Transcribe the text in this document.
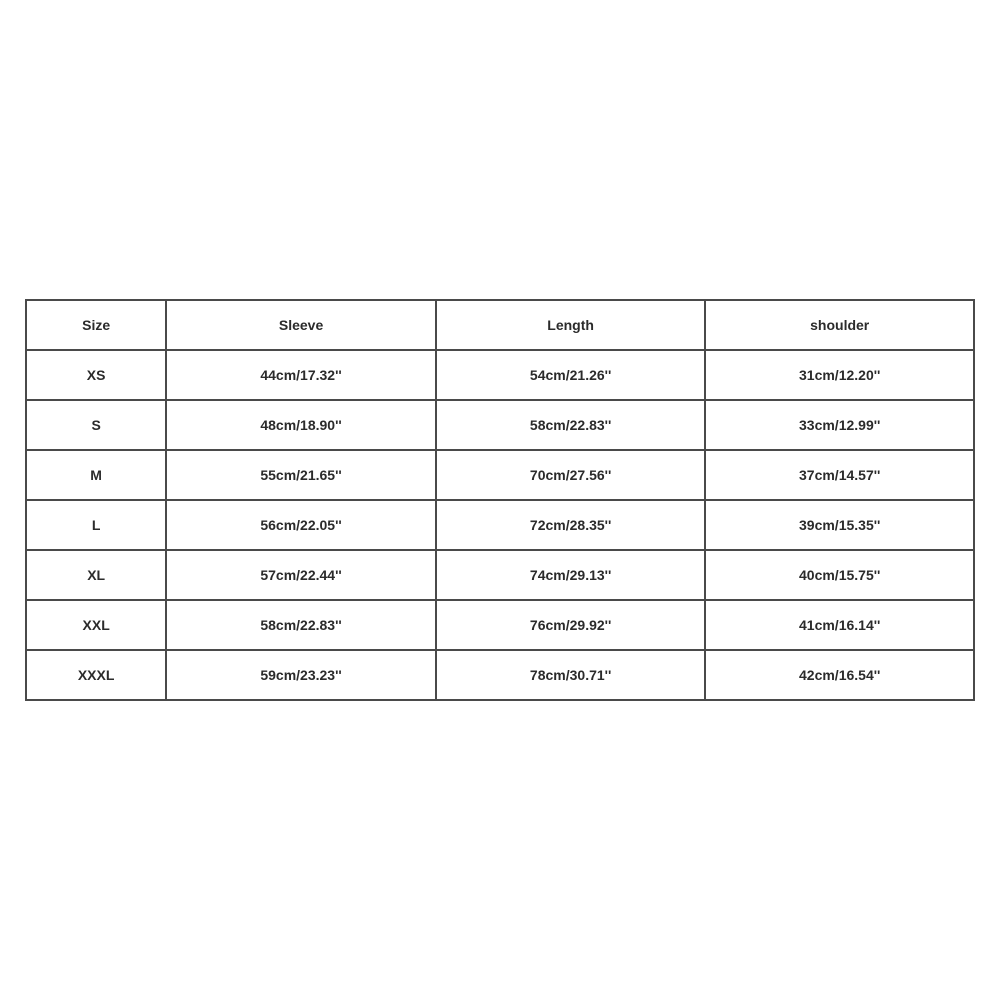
Size	Sleeve	Length	shoulder
XS	44cm/17.32''	54cm/21.26''	31cm/12.20''
S	48cm/18.90''	58cm/22.83''	33cm/12.99''
M	55cm/21.65''	70cm/27.56''	37cm/14.57''
L	56cm/22.05''	72cm/28.35''	39cm/15.35''
XL	57cm/22.44''	74cm/29.13''	40cm/15.75''
XXL	58cm/22.83''	76cm/29.92''	41cm/16.14''
XXXL	59cm/23.23''	78cm/30.71''	42cm/16.54''
